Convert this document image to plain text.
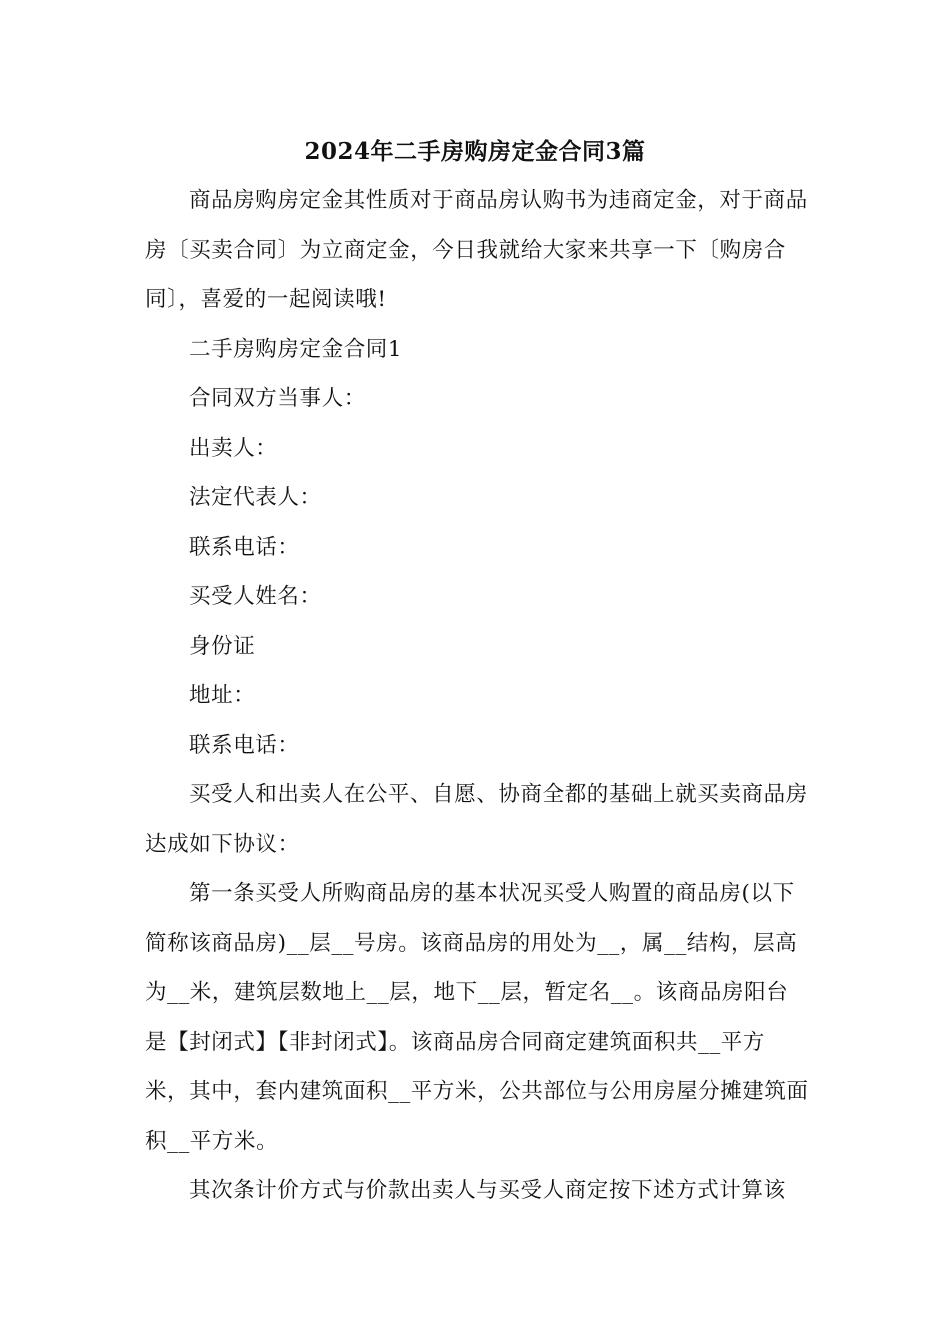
2024年二手房购房定金合同3篇

商品房购房定金其性质对于商品房认购书为违商定金，对于商品房〔买卖合同〕为立商定金，今日我就给大家来共享一下〔购房合同〕，喜爱的一起阅读哦!

二手房购房定金合同1

合同双方当事人：

出卖人：

法定代表人：

联系电话：

买受人姓名：

身份证

地址：

联系电话：

买受人和出卖人在公平、自愿、协商全都的基础上就买卖商品房达成如下协议：

第一条买受人所购商品房的基本状况买受人购置的商品房(以下简称该商品房)__层__号房。该商品房的用处为__，属__结构，层高为__米，建筑层数地上__层，地下__层，暂定名__。该商品房阳台是【封闭式】【非封闭式】。该商品房合同商定建筑面积共__平方米，其中，套内建筑面积__平方米，公共部位与公用房屋分摊建筑面积__平方米。

其次条计价方式与价款出卖人与买受人商定按下述方式计算该
